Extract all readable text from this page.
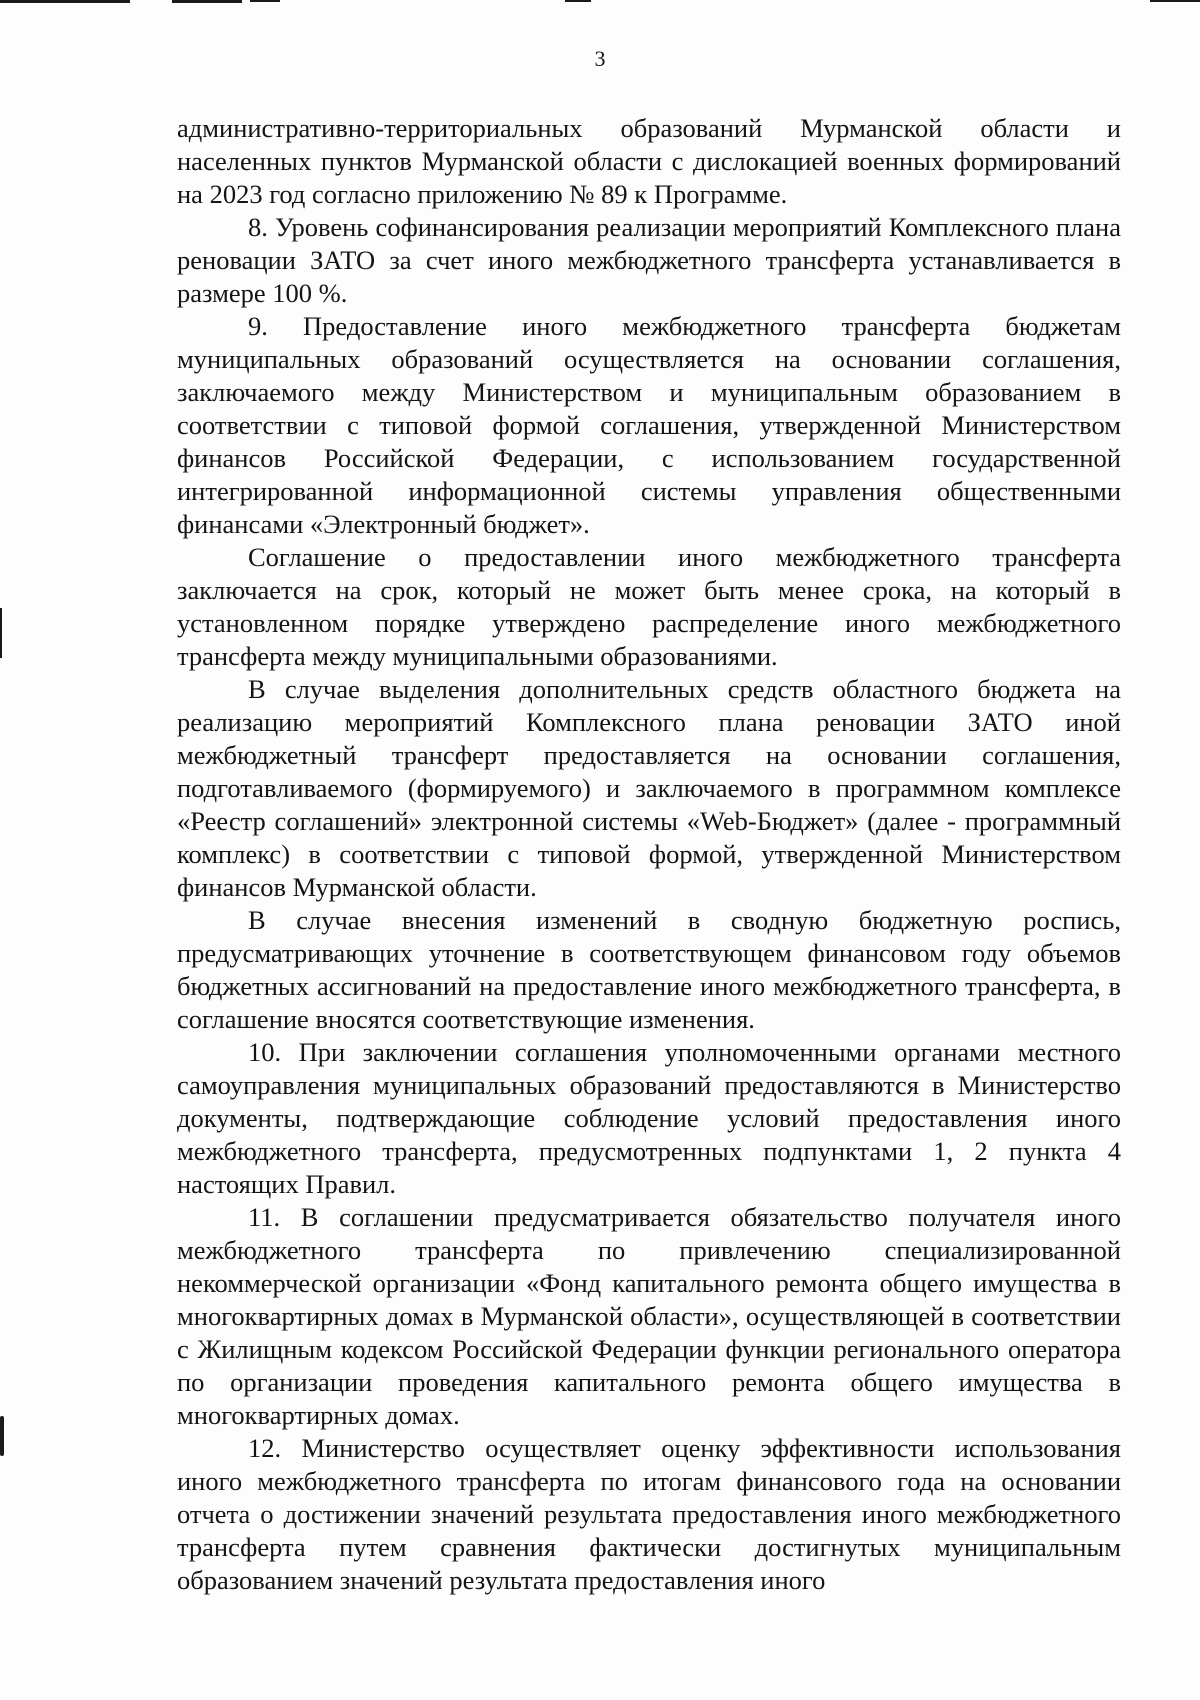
3

административно-территориальных образований Мурманской области и населенных пунктов Мурманской области с дислокацией военных формирований на 2023 год согласно приложению № 89 к Программе.

8. Уровень софинансирования реализации мероприятий Комплексного плана реновации ЗАТО за счет иного межбюджетного трансферта устанавливается в размере 100 %.

9. Предоставление иного межбюджетного трансферта бюджетам муниципальных образований осуществляется на основании соглашения, заключаемого между Министерством и муниципальным образованием в соответствии с типовой формой соглашения, утвержденной Министерством финансов Российской Федерации, с использованием государственной интегрированной информационной системы управления общественными финансами «Электронный бюджет».

Соглашение о предоставлении иного межбюджетного трансферта заключается на срок, который не может быть менее срока, на который в установленном порядке утверждено распределение иного межбюджетного трансферта между муниципальными образованиями.

В случае выделения дополнительных средств областного бюджета на реализацию мероприятий Комплексного плана реновации ЗАТО иной межбюджетный трансферт предоставляется на основании соглашения, подготавливаемого (формируемого) и заключаемого в программном комплексе «Реестр соглашений» электронной системы «Web-Бюджет» (далее - программный комплекс) в соответствии с типовой формой, утвержденной Министерством финансов Мурманской области.

В случае внесения изменений в сводную бюджетную роспись, предусматривающих уточнение в соответствующем финансовом году объемов бюджетных ассигнований на предоставление иного межбюджетного трансферта, в соглашение вносятся соответствующие изменения.

10. При заключении соглашения уполномоченными органами местного самоуправления муниципальных образований предоставляются в Министерство документы, подтверждающие соблюдение условий предоставления иного межбюджетного трансферта, предусмотренных подпунктами 1, 2 пункта 4 настоящих Правил.

11. В соглашении предусматривается обязательство получателя иного межбюджетного трансферта по привлечению специализированной некоммерческой организации «Фонд капитального ремонта общего имущества в многоквартирных домах в Мурманской области», осуществляющей в соответствии с Жилищным кодексом Российской Федерации функции регионального оператора по организации проведения капитального ремонта общего имущества в многоквартирных домах.

12. Министерство осуществляет оценку эффективности использования иного межбюджетного трансферта по итогам финансового года на основании отчета о достижении значений результата предоставления иного межбюджетного трансферта путем сравнения фактически достигнутых муниципальным образованием значений результата предоставления иного
